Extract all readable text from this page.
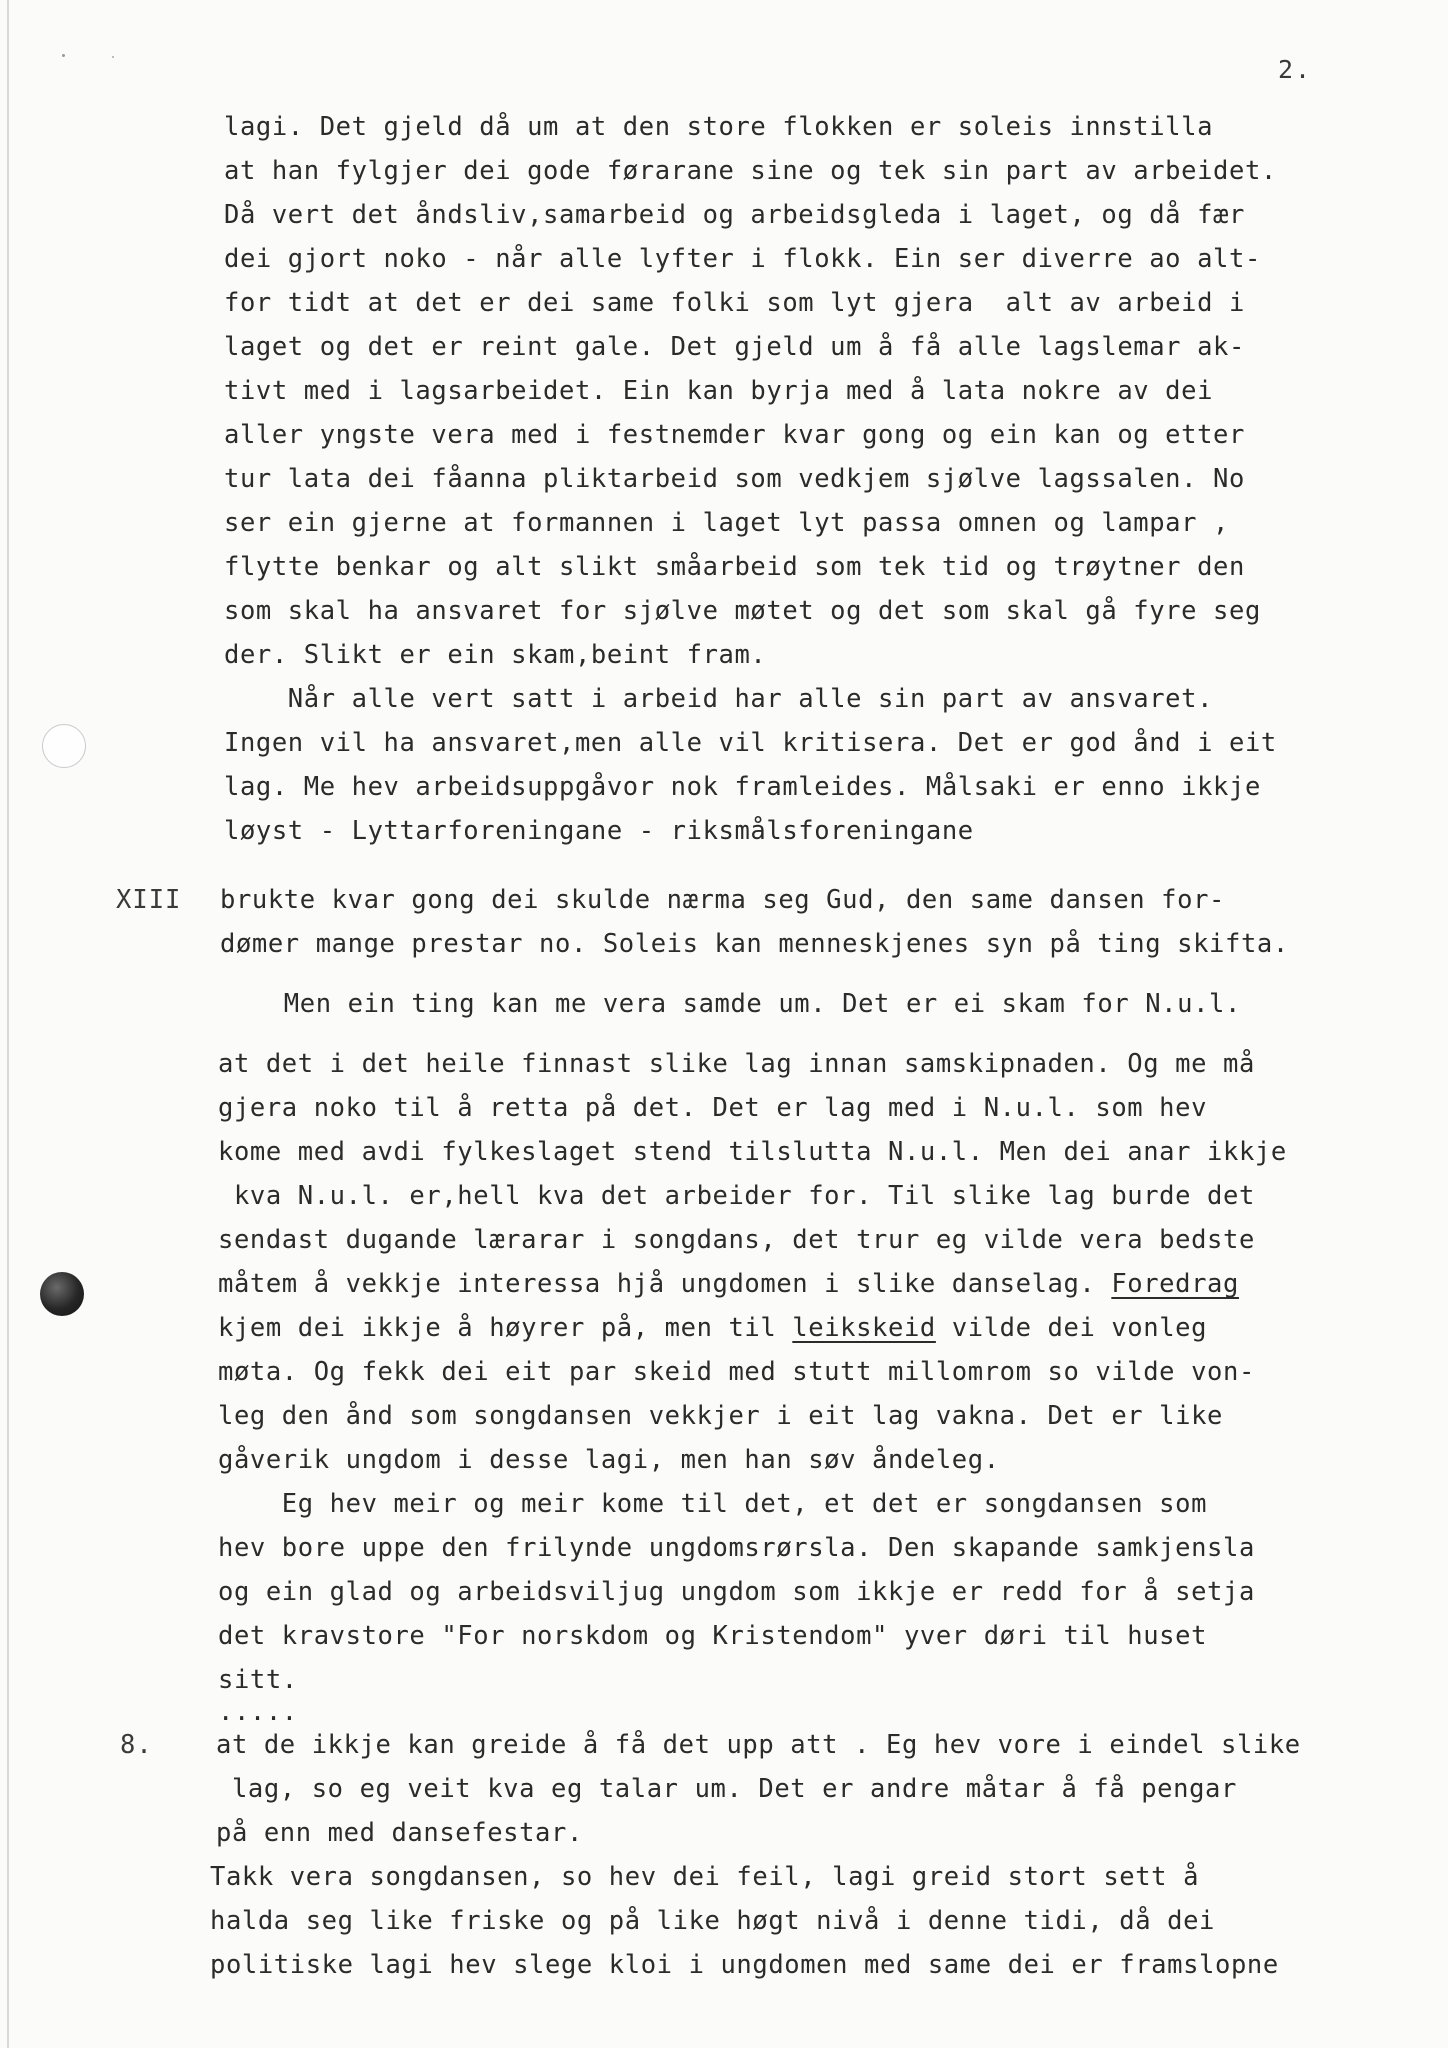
2.
XIII
8.
lagi. Det gjeld då um at den store flokken er soleis innstilla
at han fylgjer dei gode førarane sine og tek sin part av arbeidet.
Då vert det åndsliv,samarbeid og arbeidsgleda i laget, og då fær
dei gjort noko - når alle lyfter i flokk. Ein ser diverre ao alt-
for tidt at det er dei same folki som lyt gjera  alt av arbeid i
laget og det er reint gale. Det gjeld um å få alle lagslemar ak-
tivt med i lagsarbeidet. Ein kan byrja med å lata nokre av dei
aller yngste vera med i festnemder kvar gong og ein kan og etter
tur lata dei fåanna pliktarbeid som vedkjem sjølve lagssalen. No
ser ein gjerne at formannen i laget lyt passa omnen og lampar ,
flytte benkar og alt slikt småarbeid som tek tid og trøytner den
som skal ha ansvaret for sjølve møtet og det som skal gå fyre seg
der. Slikt er ein skam,beint fram.
Når alle vert satt i arbeid har alle sin part av ansvaret.
Ingen vil ha ansvaret,men alle vil kritisera. Det er god ånd i eit
lag. Me hev arbeidsuppgåvor nok framleides. Målsaki er enno ikkje
løyst - Lyttarforeningane - riksmålsforeningane
brukte kvar gong dei skulde nærma seg Gud, den same dansen for-
dømer mange prestar no. Soleis kan menneskjenes syn på ting skifta.
Men ein ting kan me vera samde um. Det er ei skam for N.u.l.
at det i det heile finnast slike lag innan samskipnaden. Og me må
gjera noko til å retta på det. Det er lag med i N.u.l. som hev
kome med avdi fylkeslaget stend tilslutta N.u.l. Men dei anar ikkje
kva N.u.l. er,hell kva det arbeider for. Til slike lag burde det
sendast dugande lærarar i songdans, det trur eg vilde vera bedste
måtem å vekkje interessa hjå ungdomen i slike danselag. Foredrag
kjem dei ikkje å høyrer på, men til leikskeid vilde dei vonleg
møta. Og fekk dei eit par skeid med stutt millomrom so vilde von-
leg den ånd som songdansen vekkjer i eit lag vakna. Det er like
gåverik ungdom i desse lagi, men han søv åndeleg.
Eg hev meir og meir kome til det, et det er songdansen som
hev bore uppe den frilynde ungdomsrørsla. Den skapande samkjensla
og ein glad og arbeidsviljug ungdom som ikkje er redd for å setja
det kravstore "For norskdom og Kristendom" yver døri til huset
sitt.
.....
at de ikkje kan greide å få det upp att . Eg hev vore i eindel slike
lag, so eg veit kva eg talar um. Det er andre måtar å få pengar
på enn med dansefestar.
Takk vera songdansen, so hev dei feil, lagi greid stort sett å
halda seg like friske og på like høgt nivå i denne tidi, då dei
politiske lagi hev slege kloi i ungdomen med same dei er framslopne
